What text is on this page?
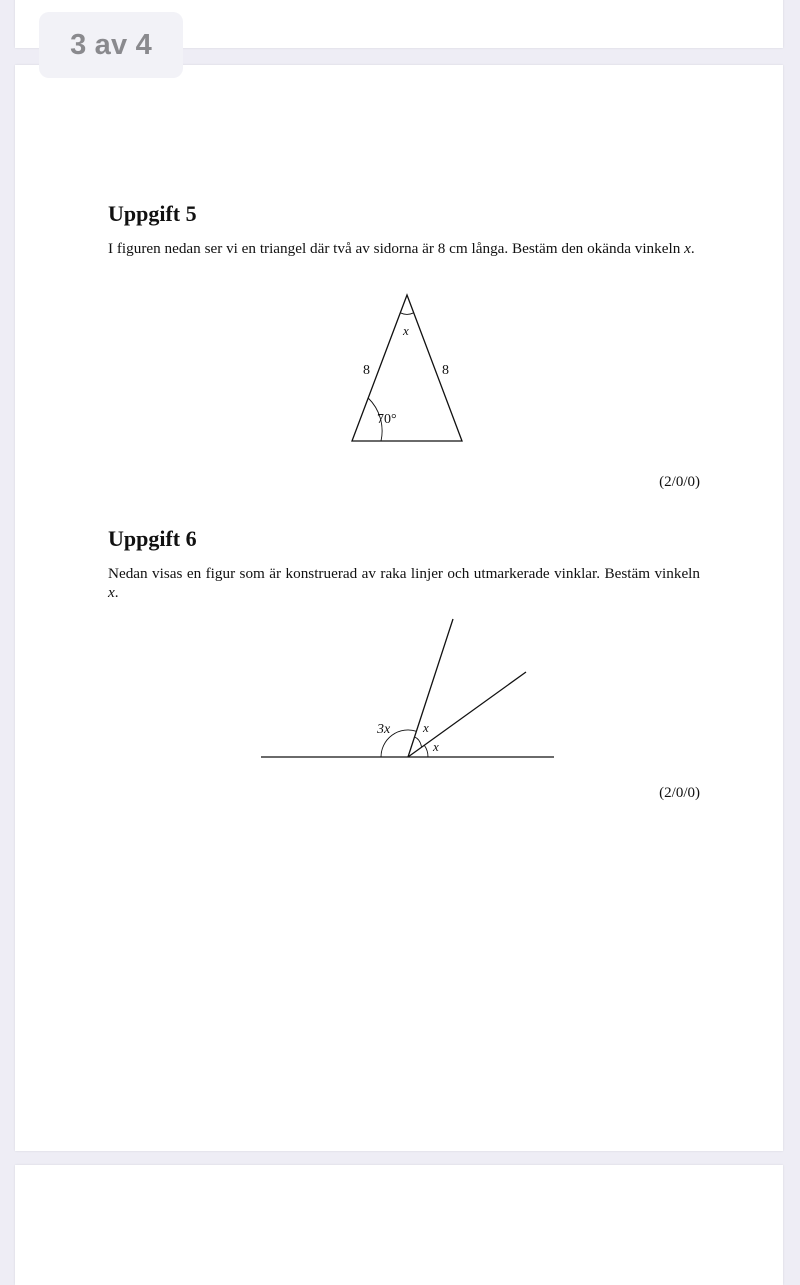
3 av 4
Uppgift 5

I figuren nedan ser vi en triangel där två av sidorna är 8 cm långa. Bestäm den okända vinkeln x.

x
8	8
70°

(2/0/0)

Uppgift 6

Nedan visas en figur som är konstruerad av raka linjer och utmarkerade vinklar. Bestäm vinkeln x.

3x	x
x

(2/0/0)
